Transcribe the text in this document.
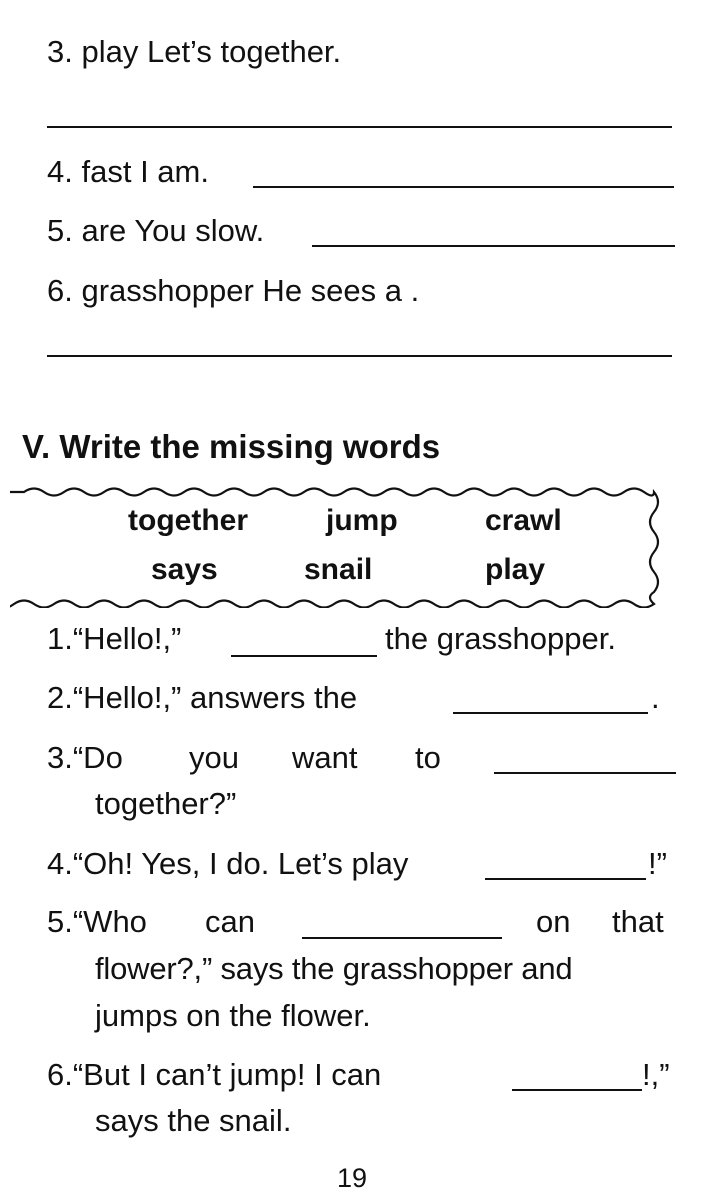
3. play Let’s together.
4. fast I am.
5. are You slow.
6. grasshopper He sees a .
V. Write the missing words
together	jump	crawl
says	snail	play
1.“Hello!,”	the grasshopper.
2.“Hello!,” answers the	.
3.“Do you want to
together?”
4.“Oh! Yes, I do. Let’s play	!”
5.“Who can	on that
flower?,” says the grasshopper and
jumps on the flower.
6.“But I can’t jump! I can	!,”
says the snail.
19
